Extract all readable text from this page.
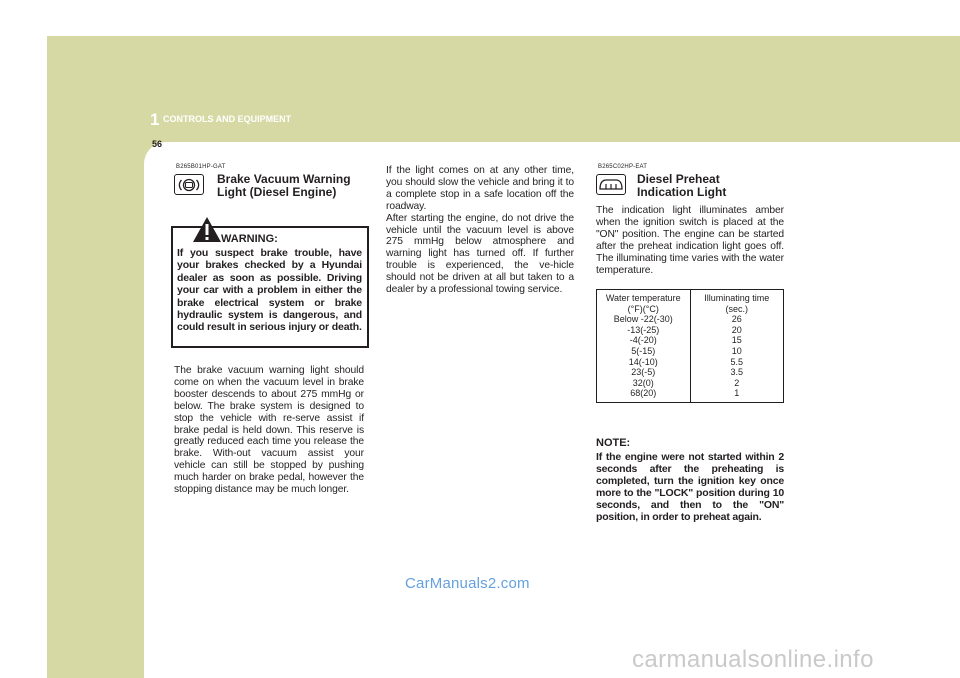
1 CONTROLS AND EQUIPMENT
56
B265B01HP-GAT
Brake Vacuum Warning
Light (Diesel Engine)
WARNING:
If you suspect brake trouble, have your brakes checked by a Hyundai dealer as soon as possible. Driving your car with a problem in either the brake electrical system or brake hydraulic system is dangerous, and could result in serious injury or death.
The brake vacuum warning light should come on when the vacuum level in brake booster descends to about 275 mmHg or below. The brake system is designed to stop the vehicle with re-serve assist if brake pedal is held down. This reserve is greatly reduced each time you release the brake. With-out vacuum assist your vehicle can still be stopped by pushing much harder on brake pedal, however the stopping distance may be much longer.
If the light comes on at any other time, you should slow the vehicle and bring it to a complete stop in a safe location off the roadway.
After starting the engine, do not drive the vehicle until the vacuum level is above 275 mmHg below atmosphere and warning light has turned off. If further trouble is experienced, the ve-hicle should not be driven at all but taken to a dealer by a professional towing service.
B265C02HP-EAT
Diesel Preheat
Indication Light
The indication light illuminates amber when the ignition switch is placed at the "ON" position. The engine can be started after the preheat indication light goes off. The illuminating time varies with the water temperature.
Water temperature	Illuminating time
(°F)(°C)	(sec.)
Below -22(-30)	26
-13(-25)	20
-4(-20)	15
5(-15)	10
14(-10)	5.5
23(-5)	3.5
32(0)	2
68(20)	1
NOTE:
If the engine were not started within 2 seconds after the preheating is completed, turn the ignition key once more to the "LOCK" position during 10 seconds, and then to the "ON" position, in order to preheat again.
CarManuals2.com
carmanualsonline.info
